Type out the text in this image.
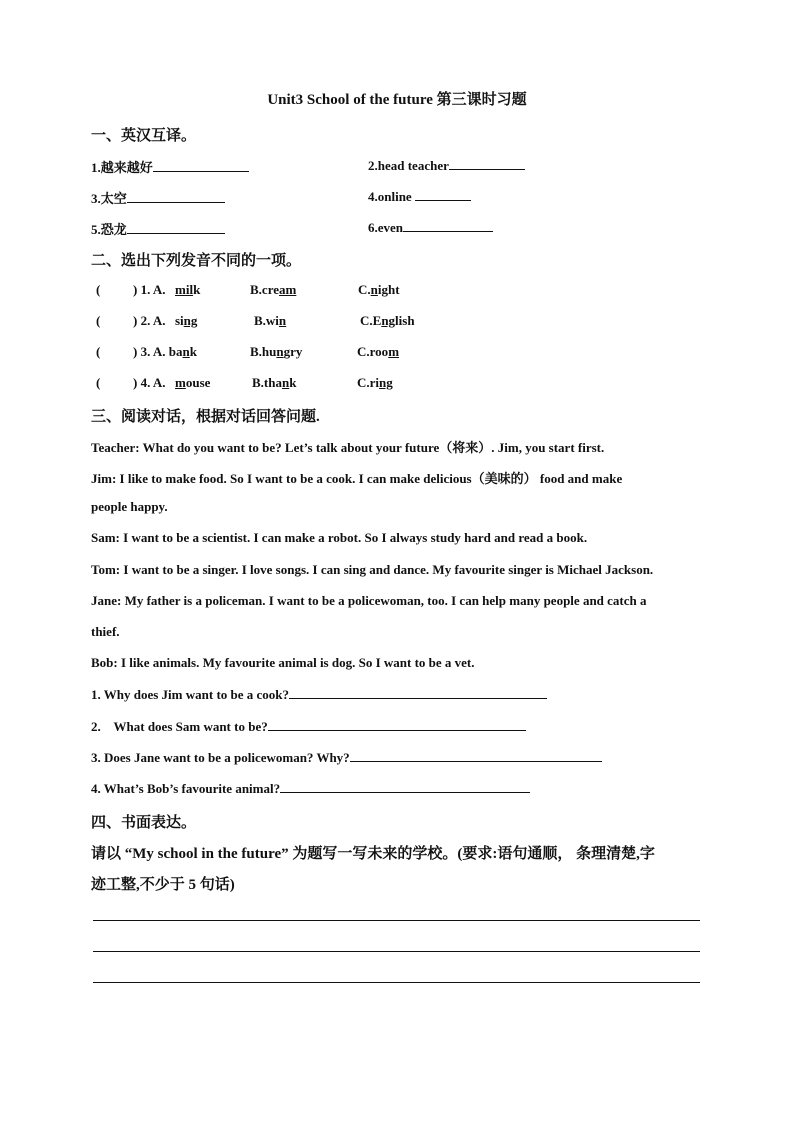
Unit3 School of the future 第三课时习题
一、英汉互译。
1.越来越好	2.head teacher
3.太空	4.online
5.恐龙	6.even
二、选出下列发音不同的一项。
(	) 1. A. milk	B.cream	C.night
(	) 2. A. sing	B.win	C.English
(	) 3. A. bank	B.hungry	C.room
(	) 4. A. mouse	B.thank	C.ring
三、阅读对话，根据对话回答问题.
Teacher: What do you want to be? Let’s talk about your future（将来）. Jim, you start first.
Jim: I like to make food. So I want to be a cook. I can make delicious（美味的） food and make
people happy.
Sam: I want to be a scientist. I can make a robot. So I always study hard and read a book.
Tom: I want to be a singer. I love songs. I can sing and dance. My favourite singer is Michael Jackson.
Jane: My father is a policeman. I want to be a policewoman, too. I can help many people and catch a
thief.
Bob: I like animals. My favourite animal is dog. So I want to be a vet.
1. Why does Jim want to be a cook?
2.    What does Sam want to be?
3. Does Jane want to be a policewoman? Why?
4. What’s Bob’s favourite animal?
四、书面表达。
请以 “My school in the future” 为题写一写未来的学校。(要求:语句通顺， 条理清楚,字
迹工整,不少于 5 句话)
